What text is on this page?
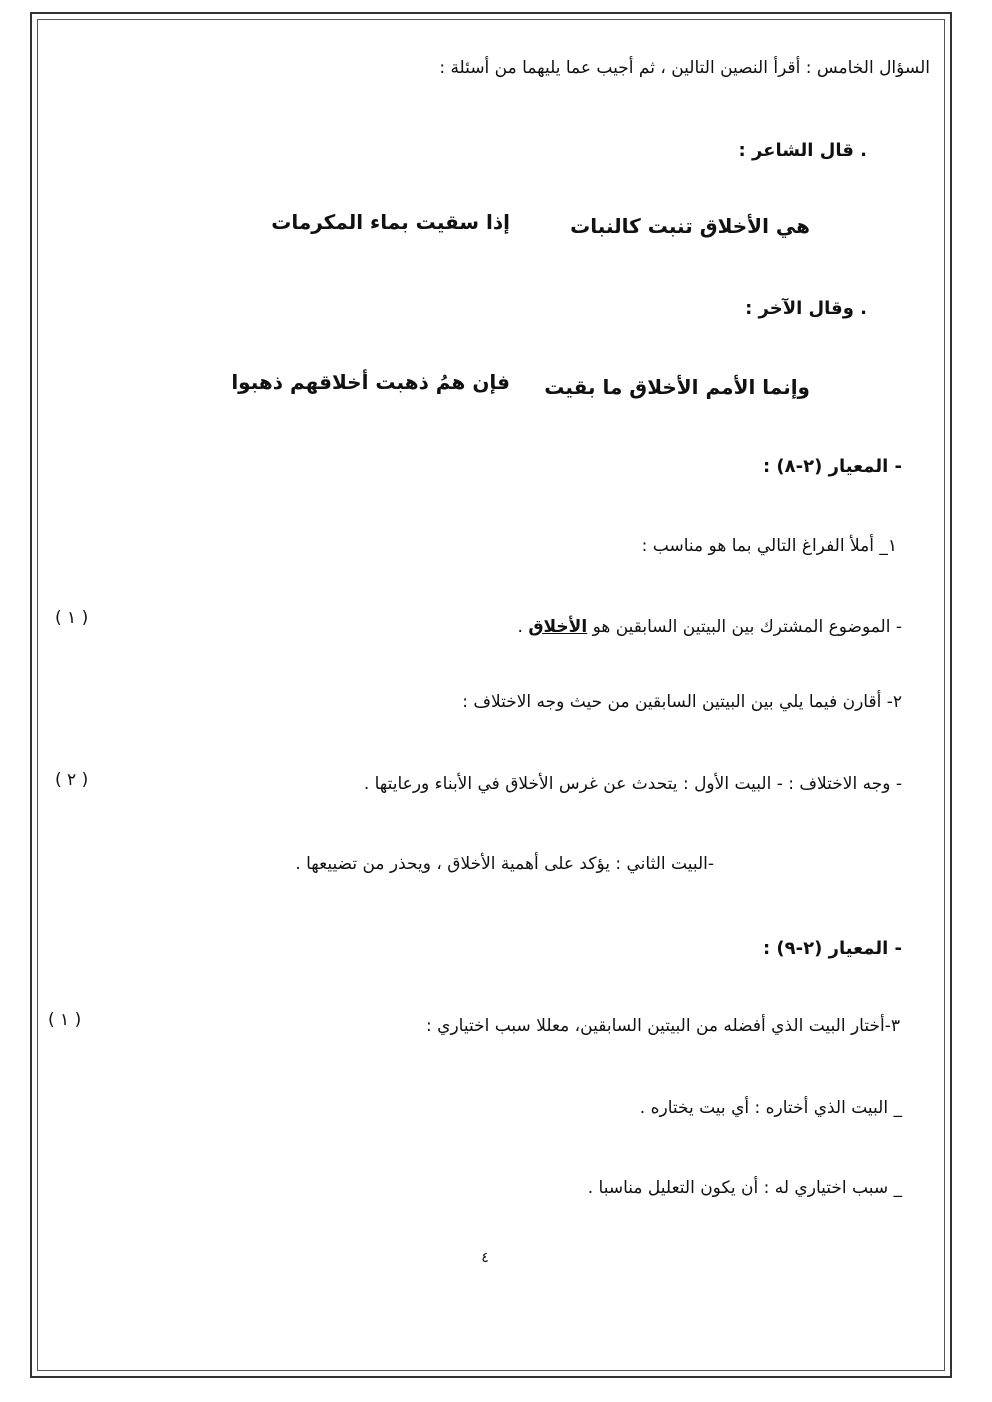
السؤال الخامس : أقرأ النصين التالين ، ثم أجيب عما يليهما من أسئلة :
. قال الشاعر :
هي الأخلاق تنبت كالنبات
إذا سقيت بماء المكرمات
. وقال الآخر :
وإنما الأمم الأخلاق ما بقيت
فإن همُ ذهبت أخلاقهم ذهبوا
- المعيار (٢-٨) :
١_ أملأ الفراغ التالي بما هو مناسب :
- الموضوع المشترك بين البيتين السابقين هو الأخلاق .
( ١ )
٢- أقارن فيما يلي بين البيتين السابقين من حيث وجه الاختلاف :
- وجه الاختلاف : - البيت الأول : يتحدث عن غرس الأخلاق في الأبناء ورعايتها .
( ٢ )
-البيت الثاني : يؤكد على أهمية الأخلاق ، ويحذر من تضييعها .
- المعيار (٢-٩) :
٣-أختار البيت الذي أفضله من البيتين السابقين، معللا سبب اختياري :
( ١ )
_ البيت الذي أختاره : أي بيت يختاره .
_ سبب اختياري له : أن يكون التعليل مناسبا .
٤
